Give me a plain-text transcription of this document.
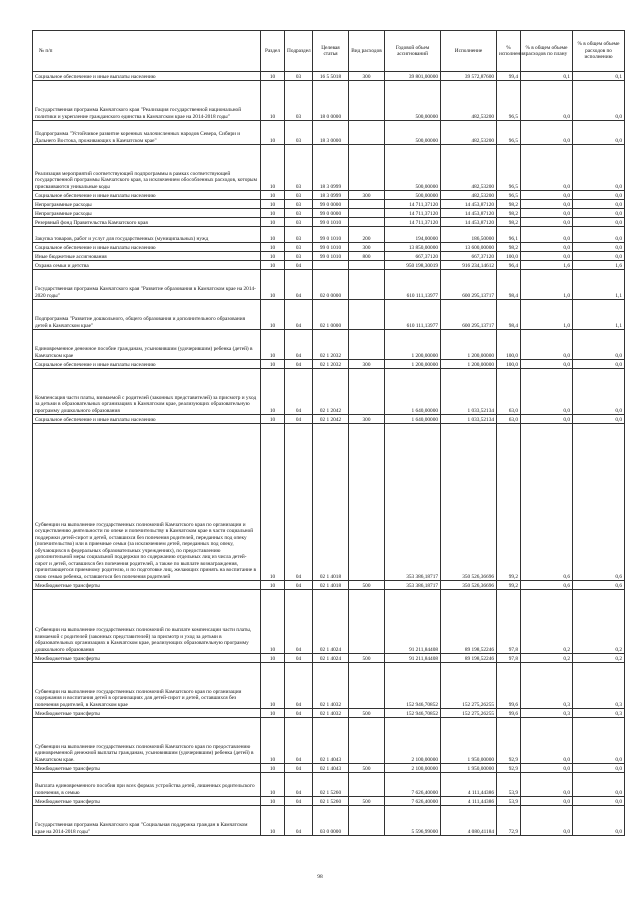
№ п/п	Раздел	Подраздел	Целевая статья	Вид расходов	Годовой объем ассигнований	Исполнение	% исполнения	% в общем объеме расходов по плану	% в общем объеме расходов по исполнению
Социальное обеспечение и иные выплаты населению	10	03	16 5 5018	300	39 801,00000	39 572,87600	99,4	0,1	0,1
Государственная программа Камчатского края "Реализация государственной национальной политики и укрепление гражданского единства в Камчатском крае на 2014-2018 годы"	10	03	18 0 0000		500,00000	482,53200	96,5	0,0	0,0
Подпрограмма "Устойчивое развитие коренных малочисленных народов Севера, Сибири и Дальнего Востока, проживающих в Камчатском крае"	10	03	18 3 0000		500,00000	482,53200	96,5	0,0	0,0
Реализация мероприятий соответствующей подпрограммы в рамках соответствующей государственной программы Камчатского края, за исключением обособленных расходов, которым присваиваются уникальные коды	10	03	18 3 0999		500,00000	482,53200	96,5	0,0	0,0
Социальное обеспечение и иные выплаты населению	10	03	18 3 0999	300	500,00000	482,53200	96,5	0,0	0,0
Непрограммные расходы	10	03	99 0 0000		14 711,37120	14 453,87120	98,2	0,0	0,0
Непрограммные расходы	10	03	99 0 0000		14 711,37120	14 453,87120	98,2	0,0	0,0
Резервный фонд Правительства Камчатского края	10	03	99 0 1010		14 711,37120	14 453,87120	98,2	0,0	0,0
Закупка товаров, работ и услуг для государственных (муниципальных) нужд	10	03	99 0 1010	200	194,00000	186,50000	96,1	0,0	0,0
Социальное обеспечение и иные выплаты населению	10	03	99 0 1010	300	13 850,00000	13 600,00000	98,2	0,0	0,0
Иные бюджетные ассигнования	10	03	99 0 1010	800	667,37120	667,37120	100,0	0,0	0,0
Охрана семьи и детства	10	04			950 198,30019	916 234,14612	96,4	1,6	1,6
Государственная программа Камчатского края "Развитие образования в Камчатском крае на 2014-2020 годы"	10	04	02 0 0000		610 111,13977	600 295,13717	98,4	1,0	1,1
Подпрограмма "Развитие дошкольного, общего образования и дополнительного образования детей в Камчатском крае"	10	04	02 1 0000		610 111,13977	600 295,13717	98,4	1,0	1,1
Единовременное денежное пособие гражданам, усыновившим (удочерившим) ребенка (детей) в Камчатском крае	10	04	02 1 2032		1 200,00000	1 200,00000	100,0	0,0	0,0
Социальное обеспечение и иные выплаты населению	10	04	02 1 2032	300	1 200,00000	1 200,00000	100,0	0,0	0,0
Компенсация части платы, взимаемой с родителей (законных представителей) за присмотр и уход за детьми в образовательных организациях в Камчатском крае, реализующих образовательную программу дошкольного образования	10	04	02 1 2042		1 640,00000	1 033,52134	63,0	0,0	0,0
Социальное обеспечение и иные выплаты населению	10	04	02 1 2042	300	1 640,00000	1 033,52134	63,0	0,0	0,0
Субвенции на выполнение государственных полномочий Камчатского края по организации и осуществлению деятельности по опеке и попечительству в Камчатском крае в части социальной поддержки детей-сирот и детей, оставшихся без попечения родителей, переданных под опеку (попечительство) или в приемные семьи (за исключением детей, переданных под опеку, обучающихся в федеральных образовательных учреждениях), по предоставлению дополнительной меры социальной поддержки по содержанию отдельных лиц из числа детей-сирот и детей, оставшихся без попечения родителей, а также по выплате вознаграждения, причитающегося приемному родителю, и по подготовке лиц, желающих принять на воспитание в свою семью ребенка, оставшегося без попечения родителей	10	04	02 1 4018		353 386,18717	350 526,36696	99,2	0,6	0,6
Межбюджетные трансферты	10	04	02 1 4018	500	353 386,18717	350 526,36696	99,2	0,6	0,6
Субвенции на выполнение государственных полномочий по выплате компенсации части платы, взимаемой с родителей (законных представителей) за присмотр и уход за детьми в образовательных организациях в Камчатском крае, реализующих образовательную программу дошкольного образования	10	04	02 1 4024		91 211,84408	89 198,52246	97,8	0,2	0,2
Межбюджетные трансферты	10	04	02 1 4024	500	91 211,84408	89 198,52246	97,8	0,2	0,2
Субвенции на выполнение государственных полномочий Камчатского края по организации содержания и воспитания детей в организациях для детей-сирот и детей, оставшихся без попечения родителей, в Камчатском крае	10	04	02 1 4032		152 946,70852	152 275,26255	99,6	0,3	0,3
Межбюджетные трансферты	10	04	02 1 4032	500	152 946,70852	152 275,26255	99,6	0,3	0,3
Субвенции на выполнение государственных полномочий Камчатского края по предоставлению единовременной денежной выплаты гражданам, усыновившим (удочерившим) ребенка (детей) в Камчатском крае.	10	04	02 1 4043		2 100,00000	1 950,00000	92,9	0,0	0,0
Межбюджетные трансферты	10	04	02 1 4043	500	2 100,00000	1 950,00000	92,9	0,0	0,0
Выплата единовременного пособия при всех формах устройства детей, лишенных родительского попечения, в семью	10	04	02 1 5260		7 626,40000	4 111,44386	53,9	0,0	0,0
Межбюджетные трансферты	10	04	02 1 5260	500	7 626,40000	4 111,44386	53,9	0,0	0,0
Государственная программа Камчатского края "Социальная поддержка граждан в Камчатском крае на 2014-2018 годы"	10	04	03 0 0000		5 596,99000	4 080,41184	72,9	0,0	0,0
98
